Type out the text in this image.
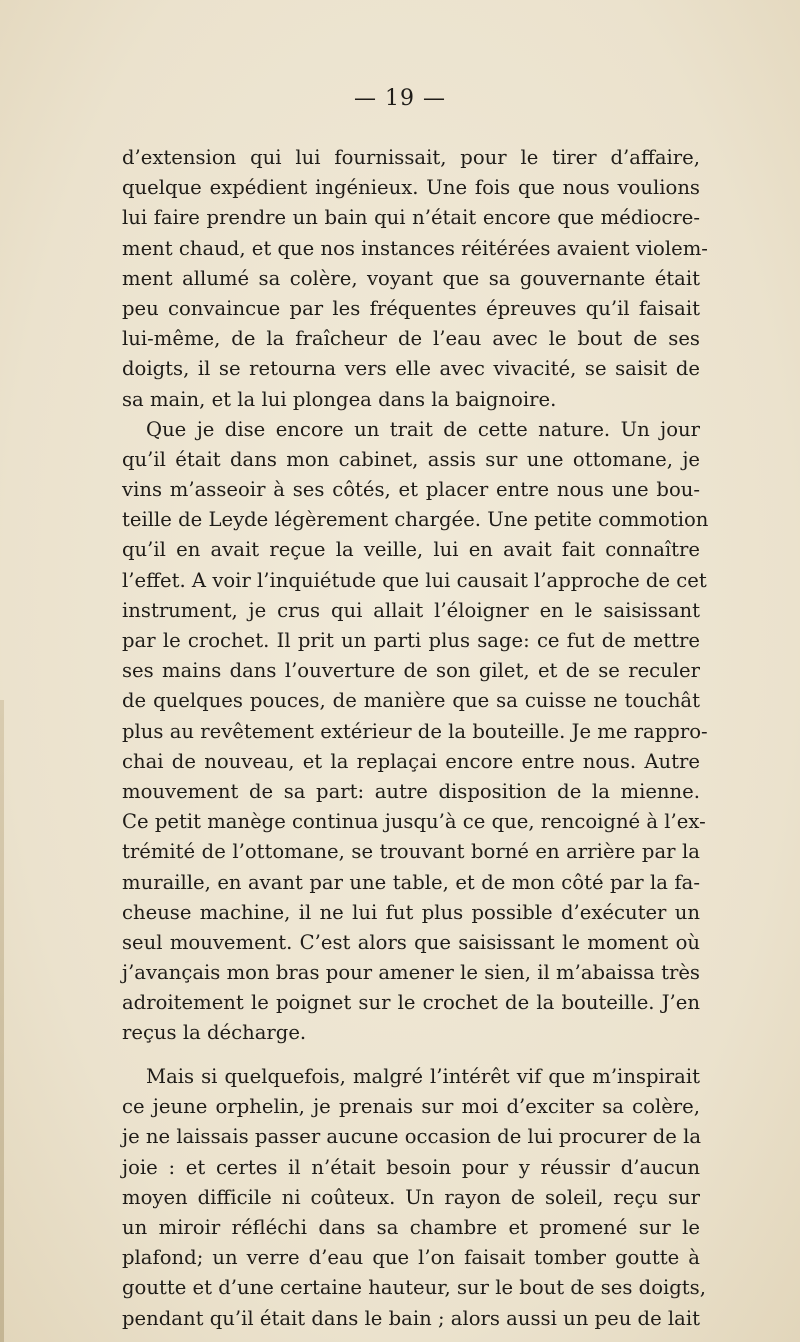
— 19 —
d’extension qui lui fournissait, pour le tirer d’affaire,
quelque expédient ingénieux. Une fois que nous voulions
lui faire prendre un bain qui n’était encore que médiocre-
ment chaud, et que nos instances réitérées avaient violem-
ment allumé sa colère, voyant que sa gouvernante était
peu convaincue par les fréquentes épreuves qu’il faisait
lui-même, de la fraîcheur de l’eau avec le bout de ses
doigts, il se retourna vers elle avec vivacité, se saisit de
sa main, et la lui plongea dans la baignoire.
Que je dise encore un trait de cette nature. Un jour
qu’il était dans mon cabinet, assis sur une ottomane, je
vins m’asseoir à ses côtés, et placer entre nous une bou-
teille de Leyde légèrement chargée. Une petite commotion
qu’il en avait reçue la veille, lui en avait fait connaître
l’effet. A voir l’inquiétude que lui causait l’approche de cet
instrument, je crus qui allait l’éloigner en le saisissant
par le crochet. Il prit un parti plus sage: ce fut de mettre
ses mains dans l’ouverture de son gilet, et de se reculer
de quelques pouces, de manière que sa cuisse ne touchât
plus au revêtement extérieur de la bouteille. Je me rappro-
chai de nouveau, et la replaçai encore entre nous. Autre
mouvement de sa part: autre disposition de la mienne.
Ce petit manège continua jusqu’à ce que, rencoigné à l’ex-
trémité de l’ottomane, se trouvant borné en arrière par la
muraille, en avant par une table, et de mon côté par la fa-
cheuse machine, il ne lui fut plus possible d’exécuter un
seul mouvement. C’est alors que saisissant le moment où
j’avançais mon bras pour amener le sien, il m’abaissa très
adroitement le poignet sur le crochet de la bouteille. J’en
reçus la décharge.
Mais si quelquefois, malgré l’intérêt vif que m’inspirait
ce jeune orphelin, je prenais sur moi d’exciter sa colère,
je ne laissais passer aucune occasion de lui procurer de la
joie : et certes il n’était besoin pour y réussir d’aucun
moyen difficile ni coûteux. Un rayon de soleil, reçu sur
un miroir réfléchi dans sa chambre et promené sur le
plafond; un verre d’eau que l’on faisait tomber goutte à
goutte et d’une certaine hauteur, sur le bout de ses doigts,
pendant qu’il était dans le bain ; alors aussi un peu de lait
